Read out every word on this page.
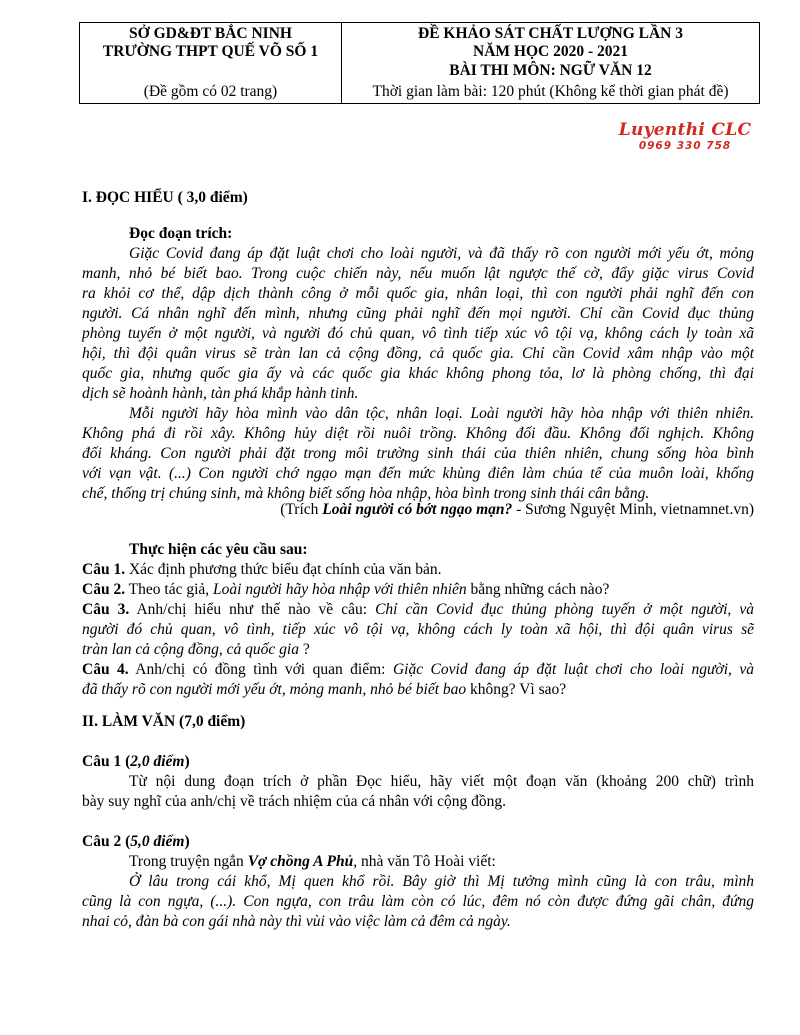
SỞ GD&ĐT BẮC NINH
TRƯỜNG THPT QUẾ VÕ SỐ 1
(Đề gồm có 02 trang)
ĐỀ KHẢO SÁT CHẤT LƯỢNG LẦN 3
NĂM HỌC 2020 - 2021
BÀI THI MÔN: NGỮ VĂN 12
Thời gian làm bài: 120 phút (Không kể thời gian phát đề)
Luyenthi CLC
0969 330 758
I. ĐỌC HIỂU ( 3,0 điểm)
Đọc đoạn trích:
Giặc Covid đang áp đặt luật chơi cho loài người, và đã thấy rõ con người mới yếu ớt, mỏng
manh, nhỏ bé biết bao. Trong cuộc chiến này, nếu muốn lật ngược thế cờ, đẩy giặc virus Covid
ra khỏi cơ thể, dập dịch thành công ở mỗi quốc gia, nhân loại, thì con người phải nghĩ đến con
người. Cá nhân nghĩ đến mình, nhưng cũng phải nghĩ đến mọi người. Chỉ cần Covid đục thủng
phòng tuyến ở một người, và người đó chủ quan, vô tình tiếp xúc vô tội vạ, không cách ly toàn xã
hội, thì đội quân virus sẽ tràn lan cả cộng đồng, cả quốc gia. Chỉ cần Covid xâm nhập vào một
quốc gia, nhưng quốc gia ấy và các quốc gia khác không phong tỏa, lơ là phòng chống, thì đại
dịch sẽ hoành hành, tàn phá khắp hành tinh.
Mỗi người hãy hòa mình vào dân tộc, nhân loại. Loài người hãy hòa nhập với thiên nhiên.
Không phá đi rồi xây. Không hủy diệt rồi nuôi trồng. Không đối đầu. Không đối nghịch. Không
đối kháng. Con người phải đặt trong môi trường sinh thái của thiên nhiên, chung sống hòa bình
với vạn vật. (...) Con người chớ ngạo mạn đến mức khùng điên làm chúa tể của muôn loài, khống
chế, thống trị chúng sinh, mà không biết sống hòa nhập, hòa bình trong sinh thái cân bằng.
(Trích Loài người có bớt ngạo mạn? - Sương Nguyệt Minh, vietnamnet.vn)
Thực hiện các yêu cầu sau:
Câu 1. Xác định phương thức biểu đạt chính của văn bản.
Câu 2. Theo tác giả, Loài người hãy hòa nhập với thiên nhiên bằng những cách nào?
Câu 3. Anh/chị hiểu như thế nào về câu: Chỉ cần Covid đục thủng phòng tuyến ở một người, và
người đó chủ quan, vô tình, tiếp xúc vô tội vạ, không cách ly toàn xã hội, thì đội quân virus sẽ
tràn lan cả cộng đồng, cả quốc gia ?
Câu 4. Anh/chị có đồng tình với quan điểm: Giặc Covid đang áp đặt luật chơi cho loài người, và
đã thấy rõ con người mới yếu ớt, mỏng manh, nhỏ bé biết bao không? Vì sao?
II. LÀM VĂN (7,0 điểm)
Câu 1 (2,0 điểm)
Từ nội dung đoạn trích ở phần Đọc hiểu, hãy viết một đoạn văn (khoảng 200 chữ) trình
bày suy nghĩ của anh/chị về trách nhiệm của cá nhân với cộng đồng.
Câu 2 (5,0 điểm)
Trong truyện ngắn Vợ chồng A Phủ, nhà văn Tô Hoài viết:
Ở lâu trong cái khổ, Mị quen khổ rồi. Bây giờ thì Mị tưởng mình cũng là con trâu, mình
cũng là con ngựa, (...). Con ngựa, con trâu làm còn có lúc, đêm nó còn được đứng gãi chân, đứng
nhai cỏ, đàn bà con gái nhà này thì vùi vào việc làm cả đêm cả ngày.
